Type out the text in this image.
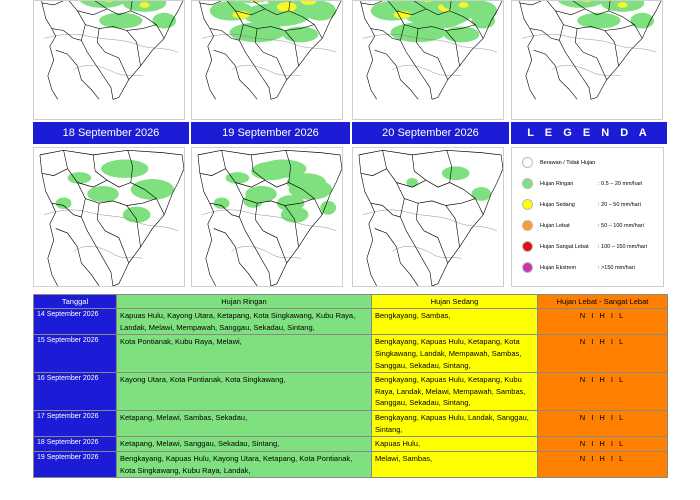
18 September 2026	19 September 2026	20 September 2026	L E G E N D A
Berawan / Tidak Hujan
Hujan Ringan	: 0.5 – 20 mm/hari
Hujan Sedang	: 20 – 50 mm/hari
Hujan Lebat	: 50 – 100 mm/hari
Hujan Sangat Lebat : 100 – 150 mm/hari
Hujan Ekstrem	: >150 mm/hari
Tanggal	Hujan Ringan	Hujan Sedang	Hujan Lebat - Sangat Lebat
14 September 2026	Kapuas Hulu, Kayong Utara, Ketapang, Kota Singkawang, Kubu Raya, Landak, Melawi, Mempawah, Sanggau, Sekadau, Sintang,	Bengkayang, Sambas,	N I H I L
15 September 2026	Kota Pontianak, Kubu Raya, Melawi,	Bengkayang, Kapuas Hulu, Ketapang, Kota Singkawang, Landak, Mempawah, Sambas, Sanggau, Sekadau, Sintang,	N I H I L
16 September 2026	Kayong Utara, Kota Pontianak, Kota Singkawang,	Bengkayang, Kapuas Hulu, Ketapang, Kubu Raya, Landak, Melawi, Mempawah, Sambas, Sanggau, Sekadau, Sintang,	N I H I L
17 September 2026	Ketapang, Melawi, Sambas, Sekadau,	Bengkayang, Kapuas Hulu, Landak, Sanggau, Sintang,	N I H I L
18 September 2026	Ketapang, Melawi, Sanggau, Sekadau, Sintang,	Kapuas Hulu,	N I H I L
19 September 2026	Bengkayang, Kapuas Hulu, Kayong Utara, Ketapang, Kota Pontianak, Kota Singkawang, Kubu Raya, Landak,	Melawi, Sambas,	N I H I L
